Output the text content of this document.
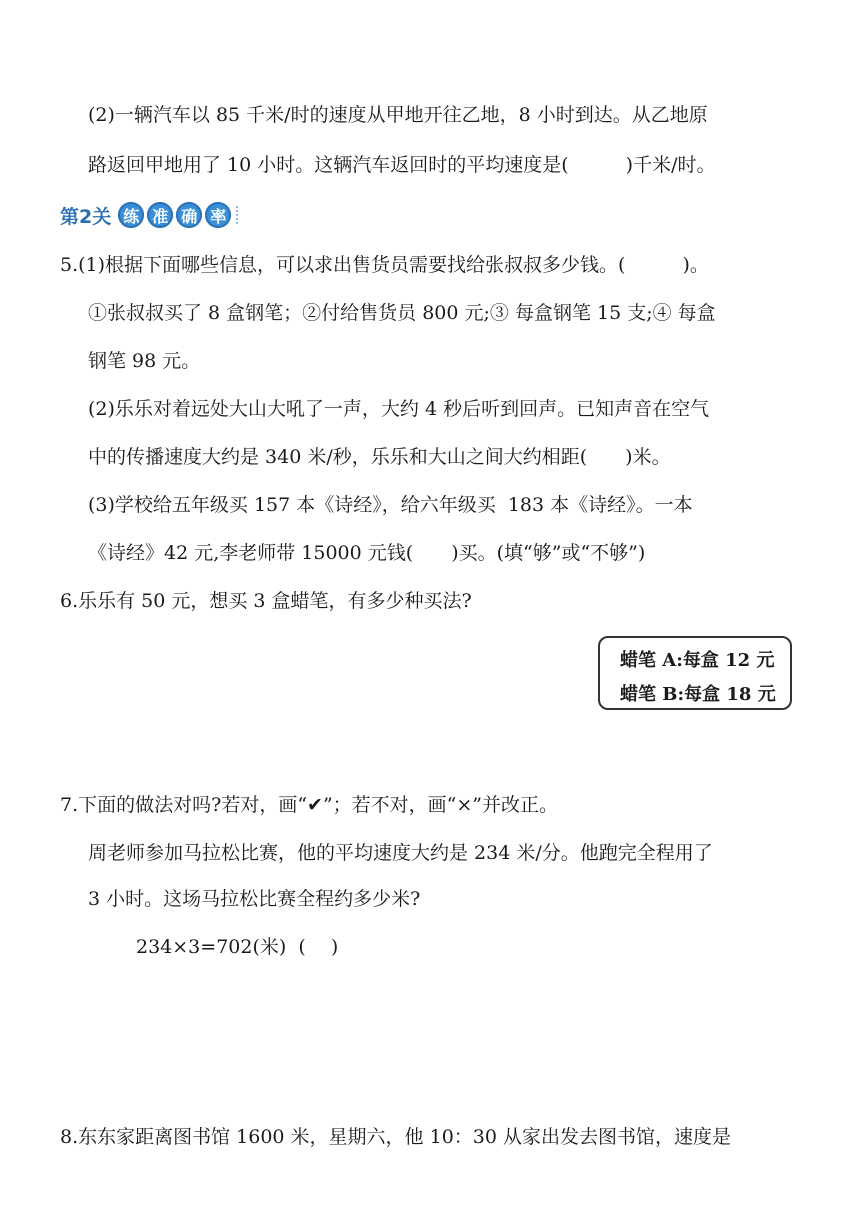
(2)一辆汽车以 85 千米/时的速度从甲地开往乙地，8 小时到达。从乙地原
路返回甲地用了 10 小时。这辆汽车返回时的平均速度是(　　　)千米/时。
第2关 练 准 确 率
5.(1)根据下面哪些信息，可以求出售货员需要找给张叔叔多少钱。(　　　)。
①张叔叔买了 8 盒钢笔；②付给售货员 800 元;③ 每盒钢笔 15 支;④ 每盒
钢笔 98 元。
(2)乐乐对着远处大山大吼了一声，大约 4 秒后听到回声。已知声音在空气
中的传播速度大约是 340 米/秒，乐乐和大山之间大约相距(　　)米。
(3)学校给五年级买 157 本《诗经》，给六年级买  183 本《诗经》。一本
《诗经》42 元,李老师带 15000 元钱(　　)买。(填“够”或“不够”)
6.乐乐有 50 元，想买 3 盒蜡笔，有多少种买法?
蜡笔 A:每盒 12 元
蜡笔 B:每盒 18 元
7.下面的做法对吗?若对，画“✔”；若不对，画“×”并改正。
周老师参加马拉松比赛，他的平均速度大约是 234 米/分。他跑完全程用了
3 小时。这场马拉松比赛全程约多少米?
234×3=702(米)  (　 )
8.东东家距离图书馆 1600 米，星期六，他 10：30 从家出发去图书馆，速度是
